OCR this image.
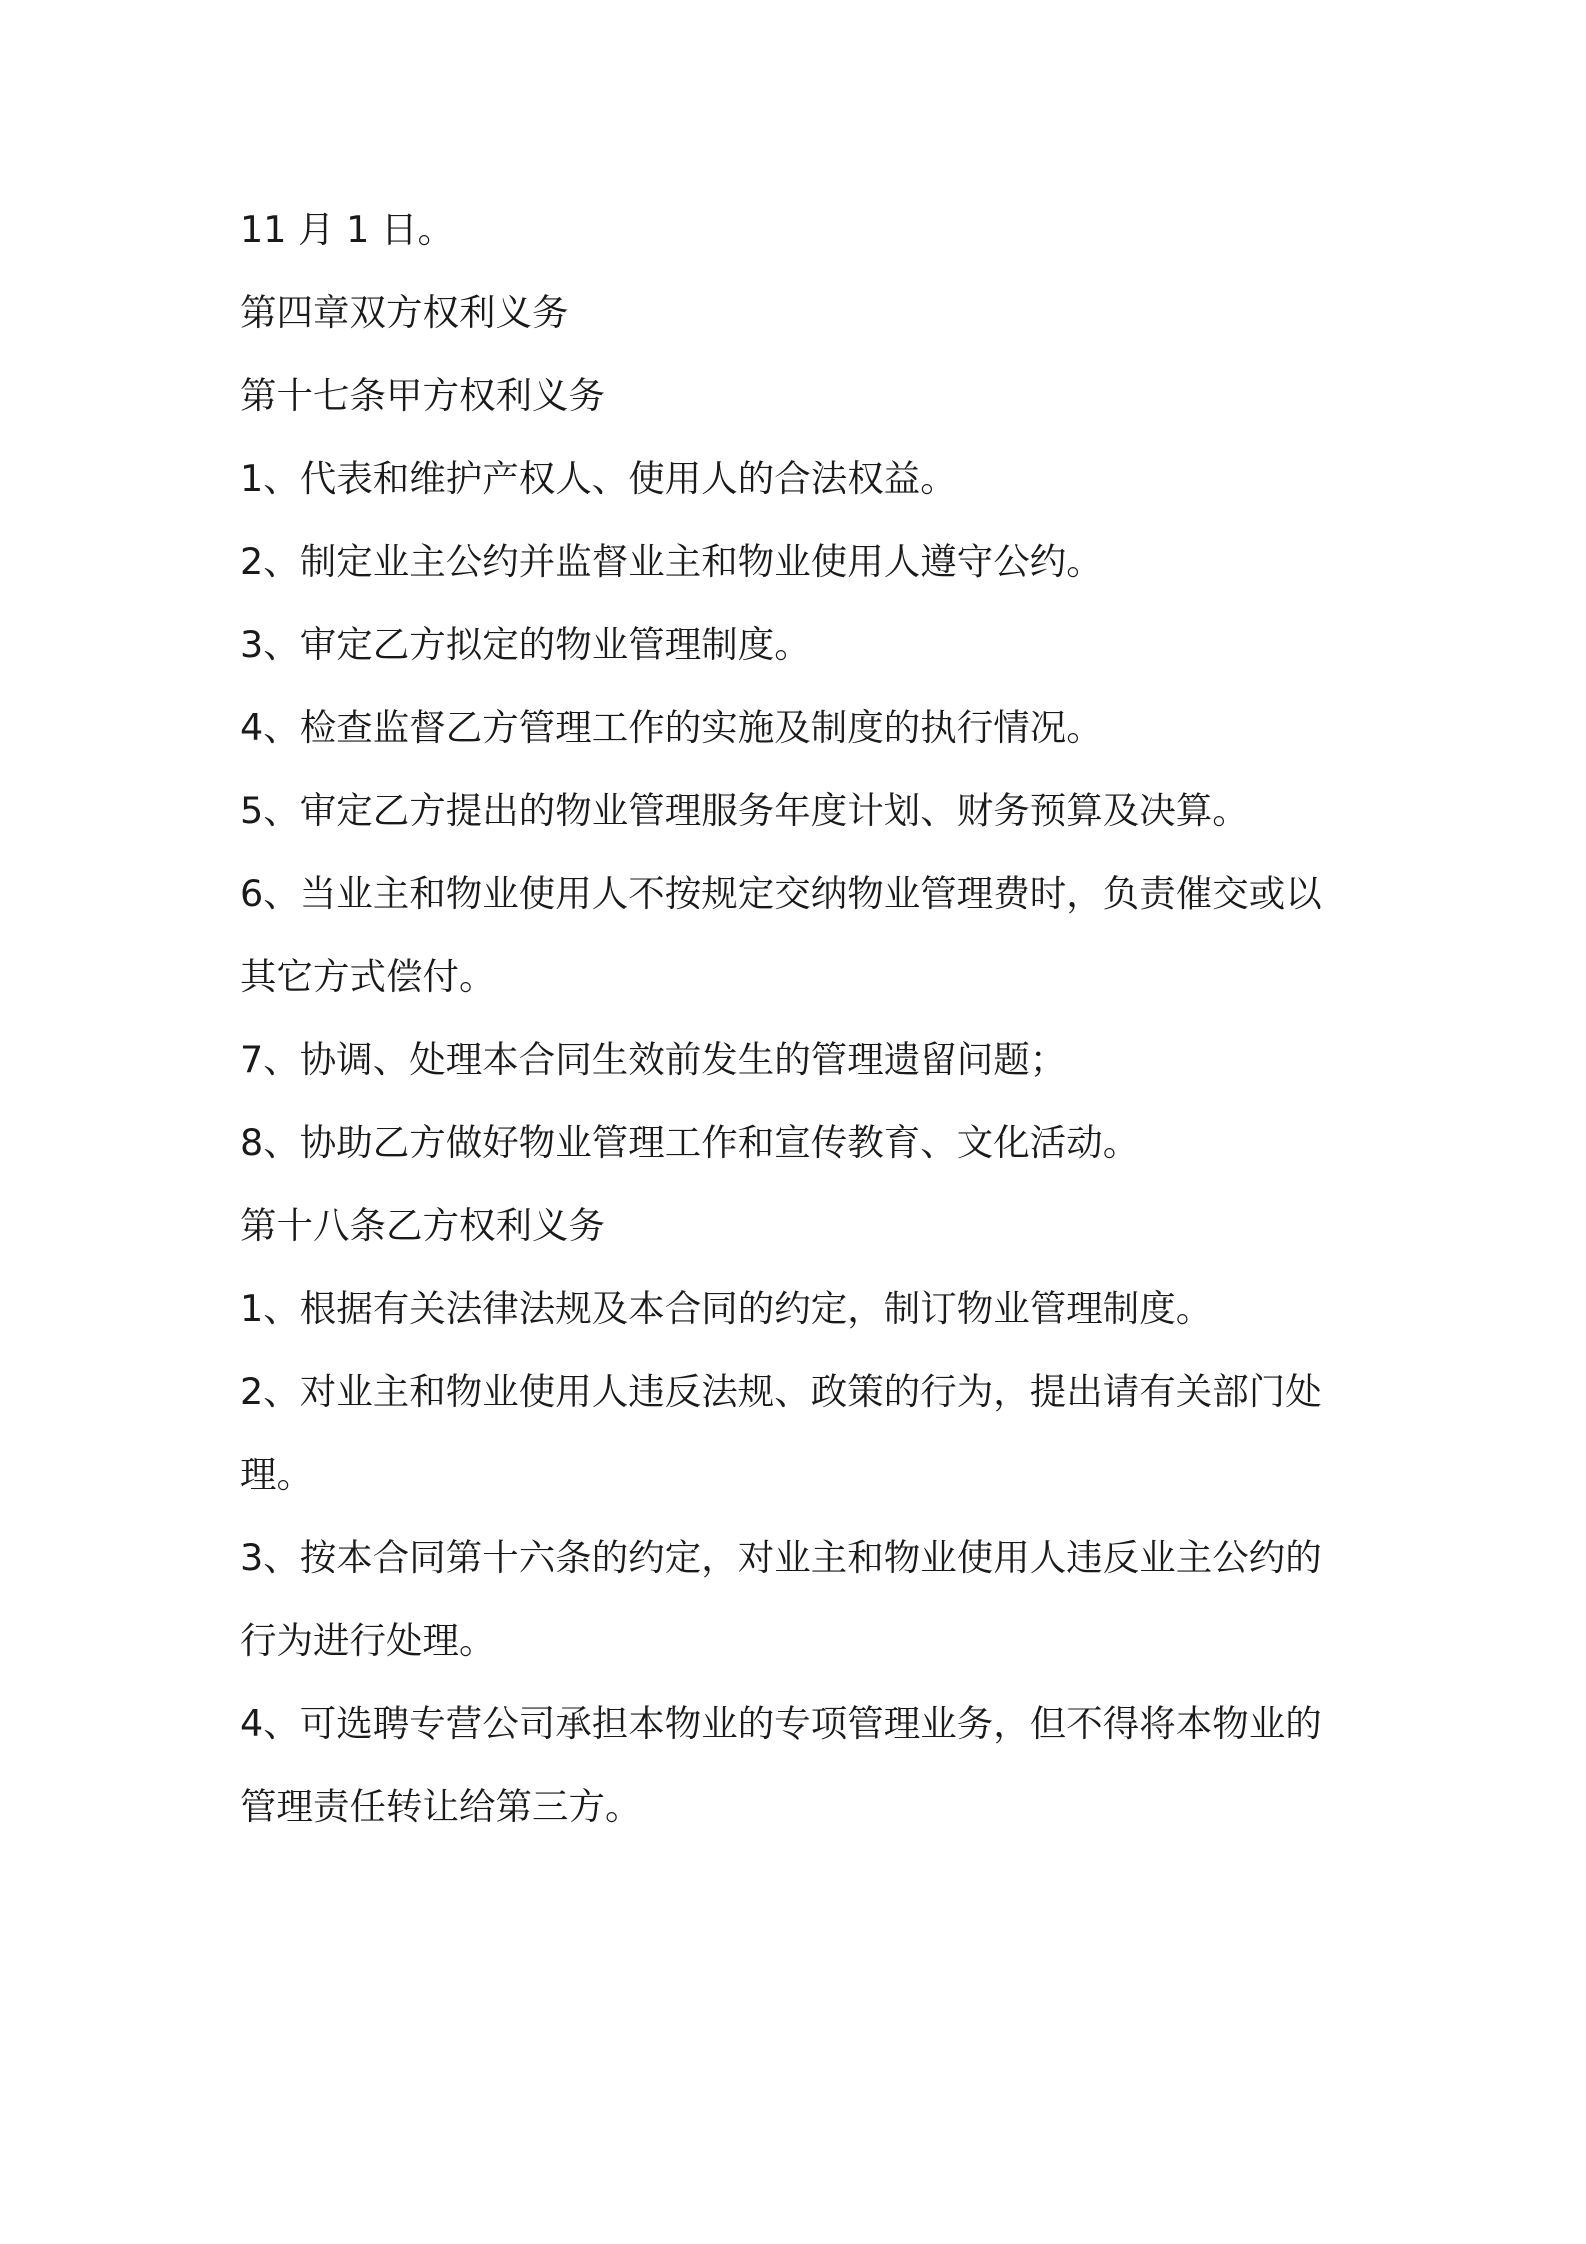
11 月 1 日。

第四章双方权利义务

第十七条甲方权利义务

1、代表和维护产权人、使用人的合法权益。

2、制定业主公约并监督业主和物业使用人遵守公约。

3、审定乙方拟定的物业管理制度。

4、检查监督乙方管理工作的实施及制度的执行情况。

5、审定乙方提出的物业管理服务年度计划、财务预算及决算。

6、当业主和物业使用人不按规定交纳物业管理费时，负责催交或以

其它方式偿付。

7、协调、处理本合同生效前发生的管理遗留问题；

8、协助乙方做好物业管理工作和宣传教育、文化活动。

第十八条乙方权利义务

1、根据有关法律法规及本合同的约定，制订物业管理制度。

2、对业主和物业使用人违反法规、政策的行为，提出请有关部门处

理。

3、按本合同第十六条的约定，对业主和物业使用人违反业主公约的

行为进行处理。

4、可选聘专营公司承担本物业的专项管理业务，但不得将本物业的

管理责任转让给第三方。
